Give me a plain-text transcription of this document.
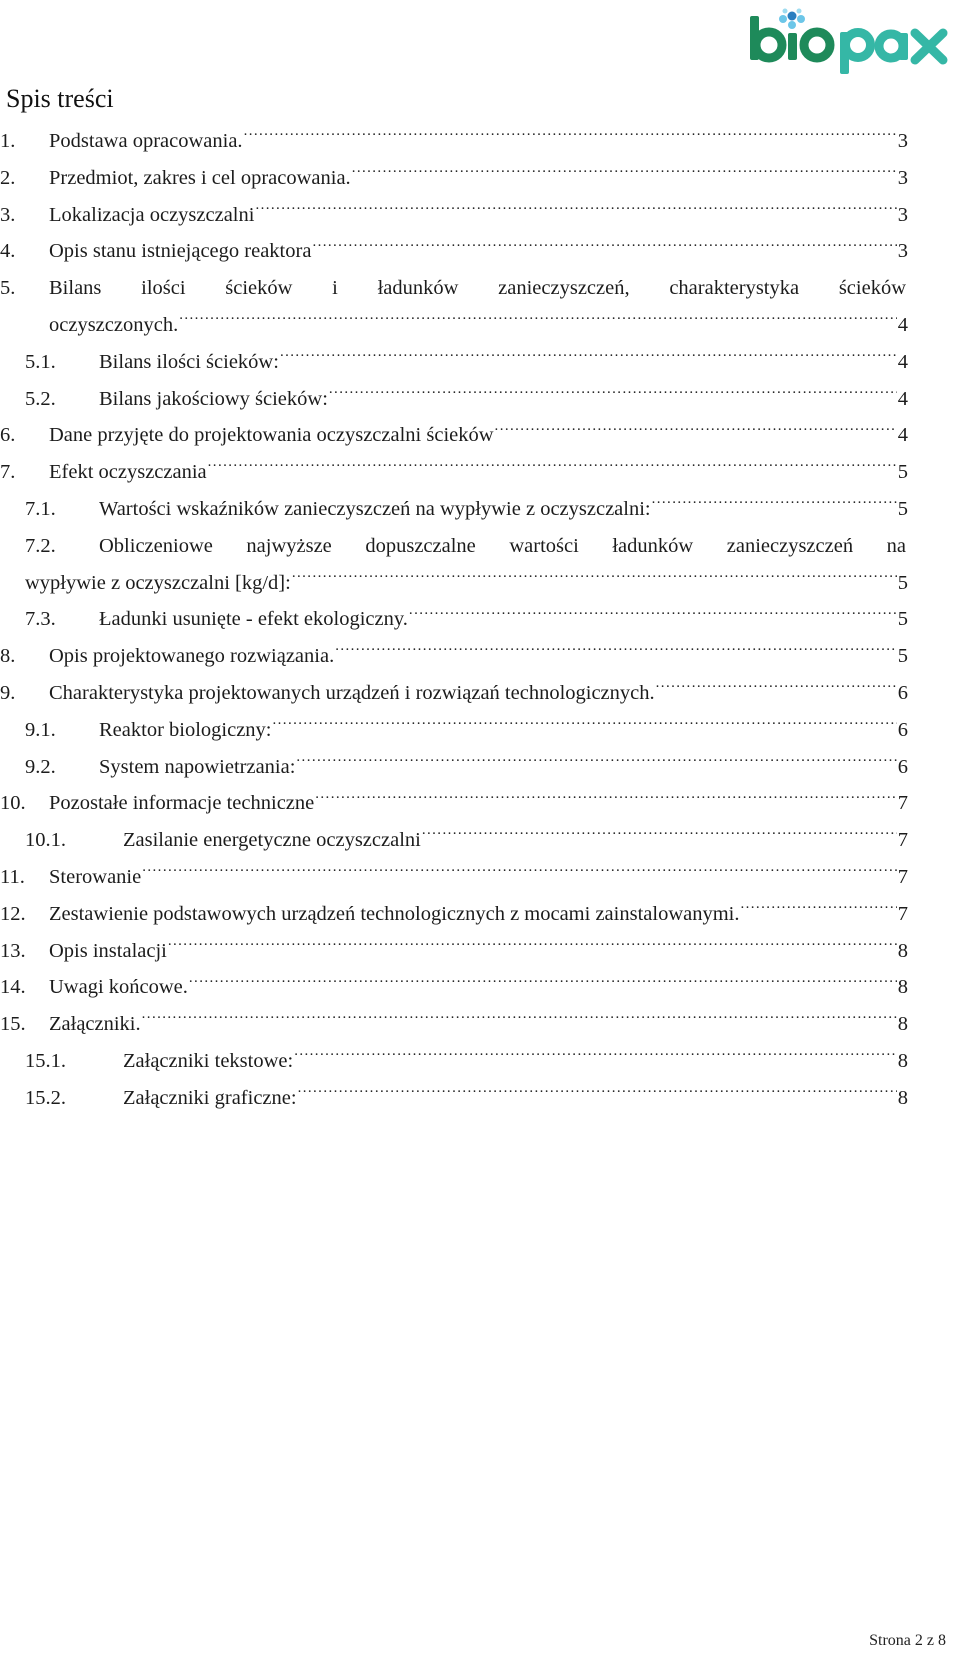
Spis treści
1.	Podstawa opracowania. .....	3
2.	Przedmiot, zakres i cel opracowania. .....	3
3.	Lokalizacja oczyszczalni .....	3
4.	Opis stanu istniejącego reaktora .....	3
5.	Bilans ilości ścieków i ładunków zanieczyszczeń, charakterystyka ścieków
oczyszczonych. .....	4
5.1.	Bilans ilości ścieków: .....	4
5.2.	Bilans jakościowy ścieków: .....	4
6.	Dane przyjęte do projektowania oczyszczalni ścieków .....	4
7.	Efekt oczyszczania .....	5
7.1.	Wartości wskaźników zanieczyszczeń na wypływie z oczyszczalni: .....	5
7.2.	Obliczeniowe najwyższe dopuszczalne wartości ładunków zanieczyszczeń na
wypływie z oczyszczalni [kg/d]: .....	5
7.3.	Ładunki usunięte - efekt ekologiczny. .....	5
8.	Opis projektowanego rozwiązania. .....	5
9.	Charakterystyka projektowanych urządzeń i rozwiązań technologicznych. .....	6
9.1.	Reaktor biologiczny: .....	6
9.2.	System napowietrzania: .....	6
10.	Pozostałe informacje techniczne .....	7
10.1.	Zasilanie energetyczne oczyszczalni .....	7
11.	Sterowanie .....	7
12.	Zestawienie podstawowych urządzeń technologicznych z mocami zainstalowanymi. .....	7
13.	Opis instalacji .....	8
14.	Uwagi końcowe. .....	8
15.	Załączniki. .....	8
15.1.	Załączniki tekstowe: .....	8
15.2.	Załączniki graficzne: .....	8
Strona 2 z 8
